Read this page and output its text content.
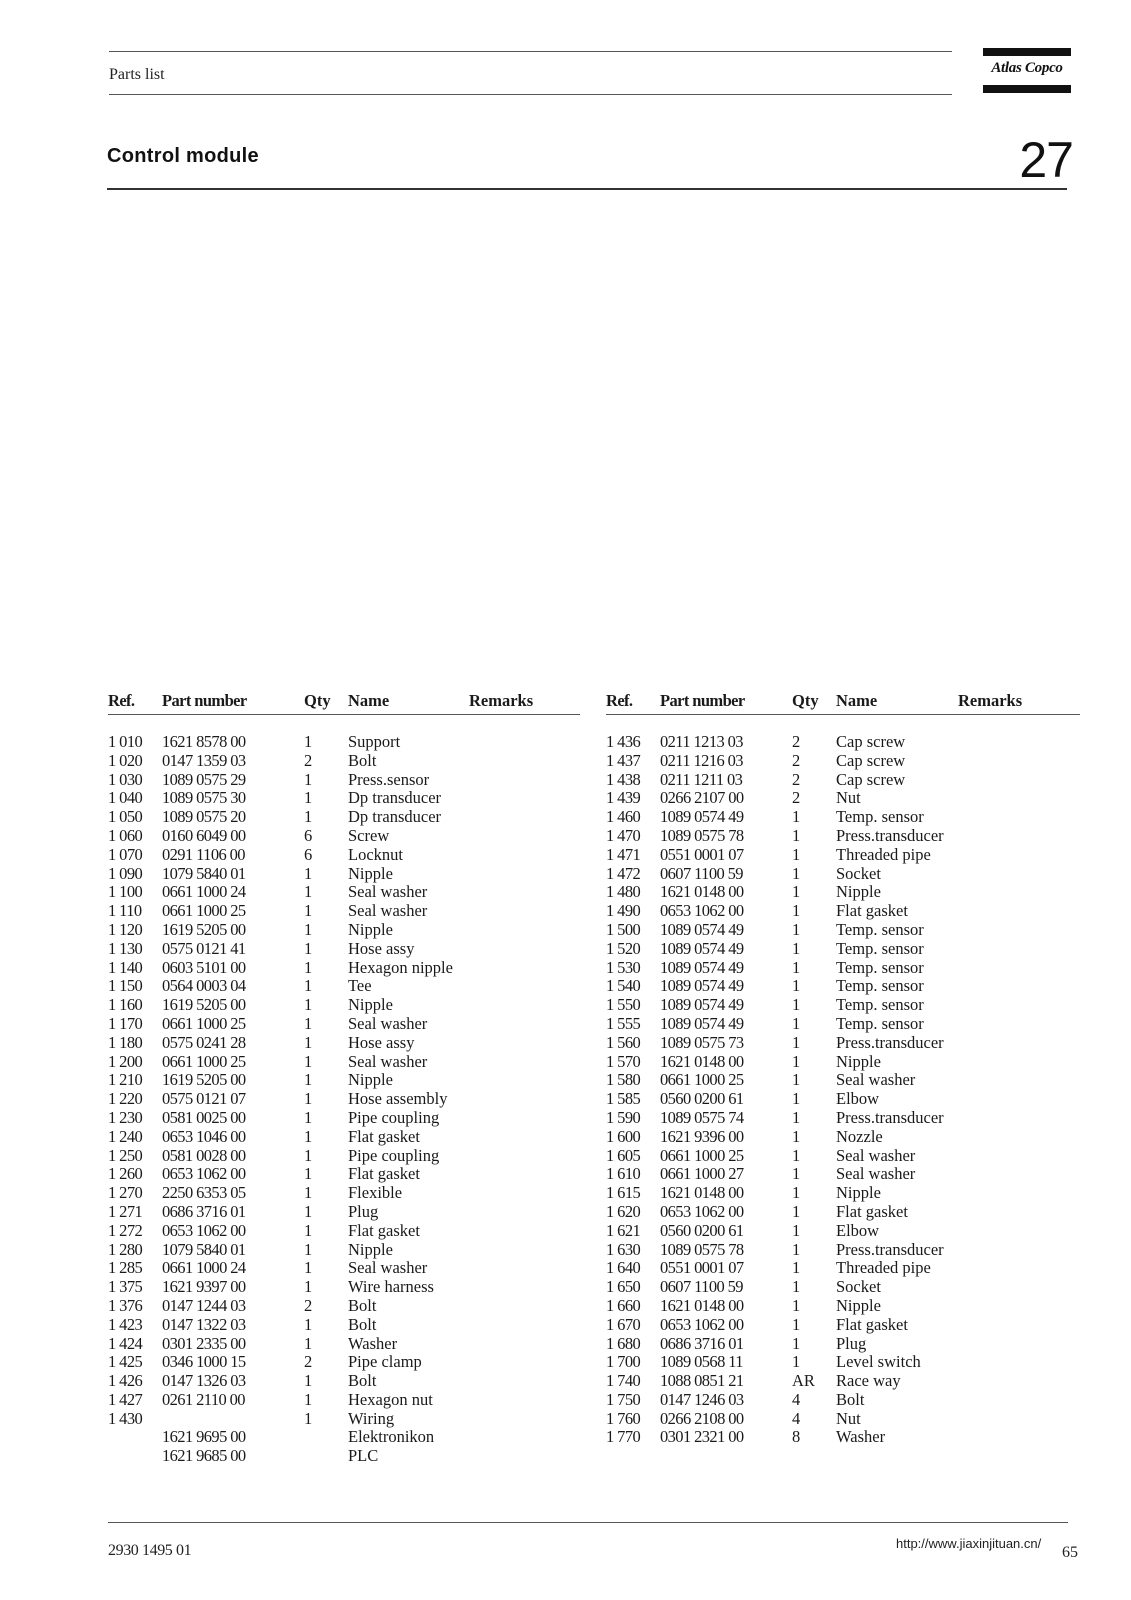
Parts list	Atlas Copco
Control module	27
Ref. Part number	Qty Name	Remarks
1 010 1621 8578 00	1 Support
1 020 0147 1359 03	2 Bolt
1 030 1089 0575 29	1 Press.sensor
1 040 1089 0575 30	1 Dp transducer
1 050 1089 0575 20	1 Dp transducer
1 060 0160 6049 00	6 Screw
1 070 0291 1106 00	6 Locknut
1 090 1079 5840 01	1 Nipple
1 100 0661 1000 24	1 Seal washer
1 110 0661 1000 25	1 Seal washer
1 120 1619 5205 00	1 Nipple
1 130 0575 0121 41	1 Hose assy
1 140 0603 5101 00	1 Hexagon nipple
1 150 0564 0003 04	1 Tee
1 160 1619 5205 00	1 Nipple
1 170 0661 1000 25	1 Seal washer
1 180 0575 0241 28	1 Hose assy
1 200 0661 1000 25	1 Seal washer
1 210 1619 5205 00	1 Nipple
1 220 0575 0121 07	1 Hose assembly
1 230 0581 0025 00	1 Pipe coupling
1 240 0653 1046 00	1 Flat gasket
1 250 0581 0028 00	1 Pipe coupling
1 260 0653 1062 00	1 Flat gasket
1 270 2250 6353 05	1 Flexible
1 271 0686 3716 01	1 Plug
1 272 0653 1062 00	1 Flat gasket
1 280 1079 5840 01	1 Nipple
1 285 0661 1000 24	1 Seal washer
1 375 1621 9397 00	1 Wire harness
1 376 0147 1244 03	2 Bolt
1 423 0147 1322 03	1 Bolt
1 424 0301 2335 00	1 Washer
1 425 0346 1000 15	2 Pipe clamp
1 426 0147 1326 03	1 Bolt
1 427 0261 2110 00	1 Hexagon nut
1 430	1 Wiring
1621 9695 00	Elektronikon
1621 9685 00	PLC
Ref. Part number	Qty Name	Remarks
1 436 0211 1213 03	2 Cap screw
1 437 0211 1216 03	2 Cap screw
1 438 0211 1211 03	2 Cap screw
1 439 0266 2107 00	2 Nut
1 460 1089 0574 49	1 Temp. sensor
1 470 1089 0575 78	1 Press.transducer
1 471 0551 0001 07	1 Threaded pipe
1 472 0607 1100 59	1 Socket
1 480 1621 0148 00	1 Nipple
1 490 0653 1062 00	1 Flat gasket
1 500 1089 0574 49	1 Temp. sensor
1 520 1089 0574 49	1 Temp. sensor
1 530 1089 0574 49	1 Temp. sensor
1 540 1089 0574 49	1 Temp. sensor
1 550 1089 0574 49	1 Temp. sensor
1 555 1089 0574 49	1 Temp. sensor
1 560 1089 0575 73	1 Press.transducer
1 570 1621 0148 00	1 Nipple
1 580 0661 1000 25	1 Seal washer
1 585 0560 0200 61	1 Elbow
1 590 1089 0575 74	1 Press.transducer
1 600 1621 9396 00	1 Nozzle
1 605 0661 1000 25	1 Seal washer
1 610 0661 1000 27	1 Seal washer
1 615 1621 0148 00	1 Nipple
1 620 0653 1062 00	1 Flat gasket
1 621 0560 0200 61	1 Elbow
1 630 1089 0575 78	1 Press.transducer
1 640 0551 0001 07	1 Threaded pipe
1 650 0607 1100 59	1 Socket
1 660 1621 0148 00	1 Nipple
1 670 0653 1062 00	1 Flat gasket
1 680 0686 3716 01	1 Plug
1 700 1089 0568 11	1 Level switch
1 740 1088 0851 21	AR Race way
1 750 0147 1246 03	4 Bolt
1 760 0266 2108 00	4 Nut
1 770 0301 2321 00	8 Washer
2930 1495 01	http://www.jiaxinjituan.cn/
65
